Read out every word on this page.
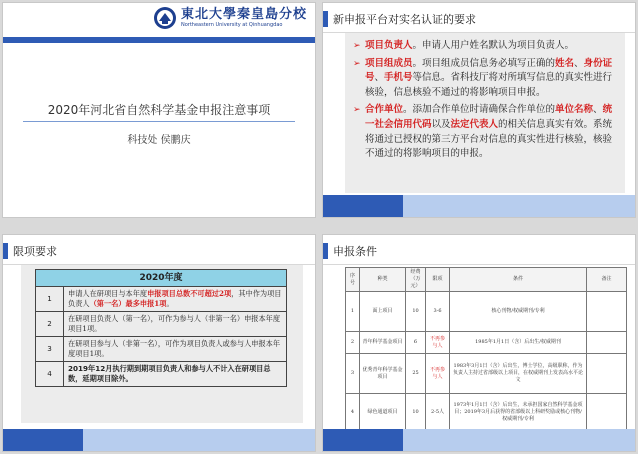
東北大學秦皇島分校
Northeastern University at Qinhuangdao
2020年河北省自然科学基金申报注意事项
科技处 侯鹏庆
新申报平台对实名认证的要求
➢ 项目负责人。申请人用户姓名默认为项目负责人。
➢ 项目组成员。项目组成员信息务必填写正确的姓名、身份证号、手机号等信息。省科技厅将对所填写信息的真实性进行核验，信息核验不通过的将影响项目申报。
➢ 合作单位。添加合作单位时请确保合作单位的单位名称、统一社会信用代码以及法定代表人的相关信息真实有效。系统将通过已授权的第三方平台对信息的真实性进行核验，核验不通过的将影响项目的申报。
限项要求
2020年度	
1	申请人在研项目与本年度申报项目总数不可超过2项，其中作为项目负责人（第一名）最多申报1项。
2	在研项目负责人（第一名），可作为参与人（非第一名）申报本年度项目1项。
3	在研项目参与人（非第一名），可作为项目负责人或参与人申报本年度项目1项。
4	2019年12月执行期到期项目负责人和参与人不计入在研项目总数，延期项目除外。
申报条件
序号	种类	经费（万元）	限项	条件	备注
1	面上项目	10	3-6	核心刊物/权威期刊/专利	
2	青年科学基金项目	6	不再参与人	1985年1月1日（含）后出生/权威期刊	
3	优秀青年科学基金项目	25	不再参与人	1983年3月1日（含）后出生，博士学位，高级职称，作为负责人主持过省部级以上项目，在权威期刊上发表高水平论文	
4	绿色通道项目	10	2-5人	1973年1月1日（含）后出生，未承担国家自然科学基金项目；2019年3月后获得的省部级以上科研奖励或核心刊物/权威期刊/专利	
